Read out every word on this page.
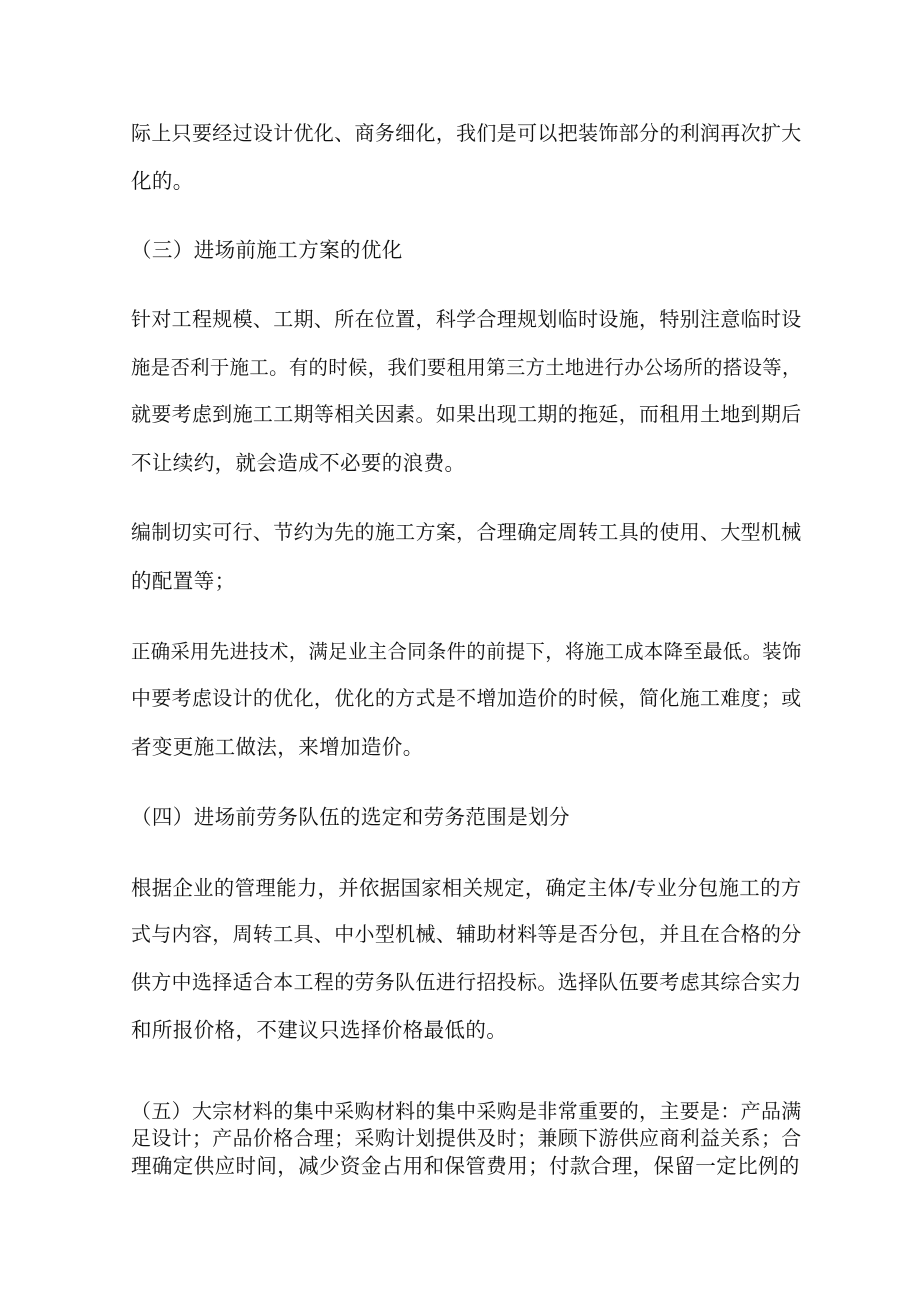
际上只要经过设计优化、商务细化，我们是可以把装饰部分的利润再次扩大
化的。
（三）进场前施工方案的优化
针对工程规模、工期、所在位置，科学合理规划临时设施，特别注意临时设
施是否利于施工。有的时候，我们要租用第三方土地进行办公场所的搭设等，
就要考虑到施工工期等相关因素。如果出现工期的拖延，而租用土地到期后
不让续约，就会造成不必要的浪费。
编制切实可行、节约为先的施工方案，合理确定周转工具的使用、大型机械
的配置等；
正确采用先进技术，满足业主合同条件的前提下，将施工成本降至最低。装饰
中要考虑设计的优化，优化的方式是不增加造价的时候，简化施工难度；或
者变更施工做法，来增加造价。
（四）进场前劳务队伍的选定和劳务范围是划分
根据企业的管理能力，并依据国家相关规定，确定主体/专业分包施工的方
式与内容，周转工具、中小型机械、辅助材料等是否分包，并且在合格的分
供方中选择适合本工程的劳务队伍进行招投标。选择队伍要考虑其综合实力
和所报价格，不建议只选择价格最低的。
（五）大宗材料的集中采购材料的集中采购是非常重要的，主要是：产品满
足设计；产品价格合理；采购计划提供及时；兼顾下游供应商利益关系；合
理确定供应时间，减少资金占用和保管费用；付款合理，保留一定比例的
